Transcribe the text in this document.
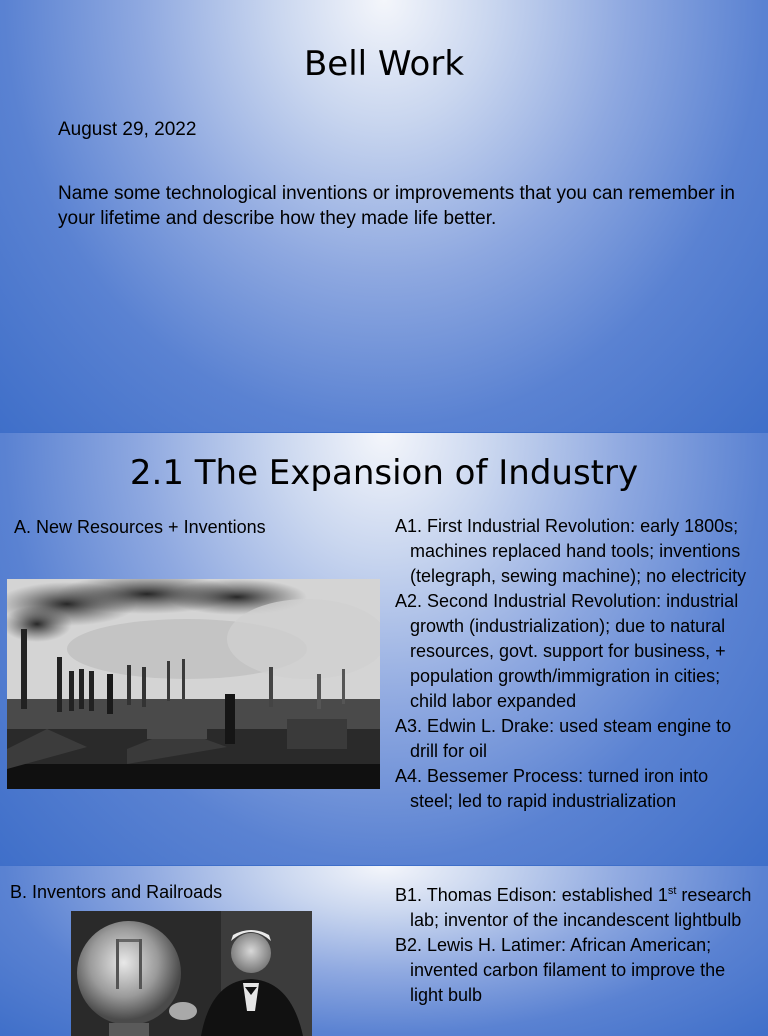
Bell Work
August 29, 2022
Name some technological inventions or improvements that you can remember in your lifetime and describe how they made life better.
2.1 The Expansion of Industry
A. New Resources + Inventions	A1. First Industrial Revolution: early 1800s; machines replaced hand tools; inventions (telegraph, sewing machine); no electricity
A2. Second Industrial Revolution: industrial growth (industrialization); due to natural resources, govt. support for business, + population growth/immigration in cities; child labor expanded
A3. Edwin L. Drake: used steam engine to drill for oil
A4. Bessemer Process: turned iron into steel; led to rapid industrialization
B. Inventors and Railroads	B1. Thomas Edison: established 1st research lab; inventor of the incandescent lightbulb
B2. Lewis H. Latimer: African American; invented carbon filament to improve the light bulb
